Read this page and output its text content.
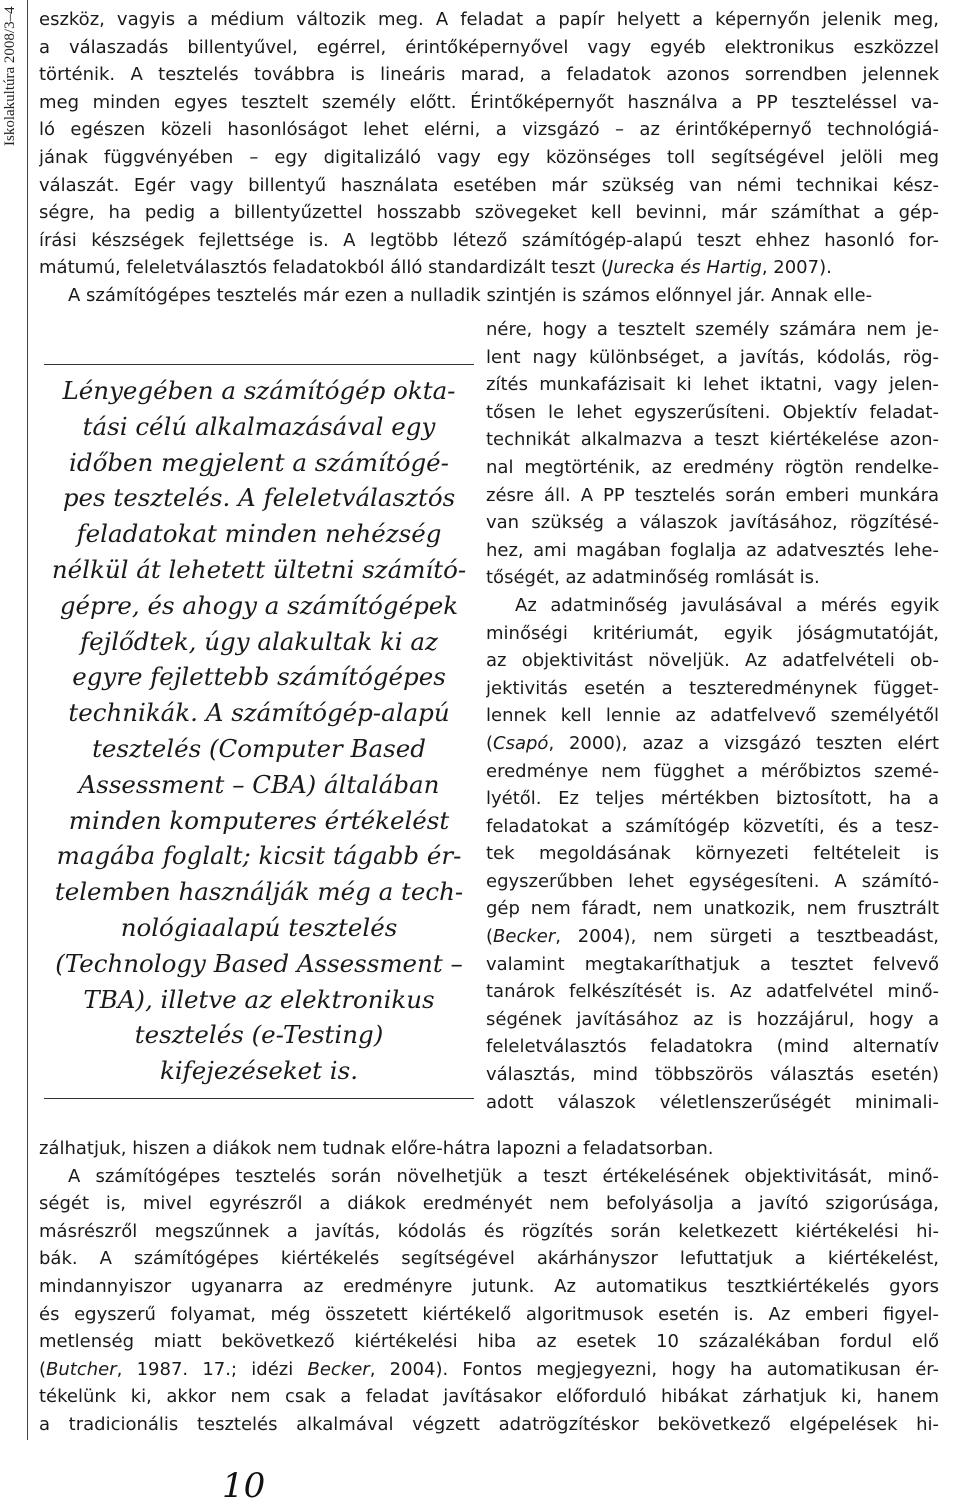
Iskolakultúra 2008/3–4	eszköz, vagyis a médium változik meg. A feladat a papír helyett a képernyőn jelenik meg,
a válaszadás billentyűvel, egérrel, érintőképernyővel vagy egyéb elektronikus eszközzel
történik. A tesztelés továbbra is lineáris marad, a feladatok azonos sorrendben jelennek
meg minden egyes tesztelt személy előtt. Érintőképernyőt használva a PP teszteléssel va-
ló egészen közeli hasonlóságot lehet elérni, a vizsgázó – az érintőképernyő technológiá-
jának függvényében – egy digitalizáló vagy egy közönséges toll segítségével jelöli meg
válaszát. Egér vagy billentyű használata esetében már szükség van némi technikai kész-
ségre, ha pedig a billentyűzettel hosszabb szövegeket kell bevinni, már számíthat a gép-
írási készségek fejlettsége is. A legtöbb létező számítógép-alapú teszt ehhez hasonló for-
mátumú, feleletválasztós feladatokból álló standardizált teszt (Jurecka és Hartig, 2007).
A számítógépes tesztelés már ezen a nulladik szintjén is számos előnnyel jár. Annak elle-
Lényegében a számítógép okta-
tási célú alkalmazásával egy
időben megjelent a számítógé-
pes tesztelés. A feleletválasztós
feladatokat minden nehézség
nélkül át lehetett ültetni számító-
gépre, és ahogy a számítógépek
fejlődtek, úgy alakultak ki az
egyre fejlettebb számítógépes
technikák. A számítógép-alapú
tesztelés (Computer Based
Assessment – CBA) általában
minden komputeres értékelést
magába foglalt; kicsit tágabb ér-
telemben használják még a tech-
nológiaalapú tesztelés
(Technology Based Assessment –
TBA), illetve az elektronikus
tesztelés (e-Testing)
kifejezéseket is.
nére, hogy a tesztelt személy számára nem je-
lent nagy különbséget, a javítás, kódolás, rög-
zítés munkafázisait ki lehet iktatni, vagy jelen-
tősen le lehet egyszerűsíteni. Objektív feladat-
technikát alkalmazva a teszt kiértékelése azon-
nal megtörténik, az eredmény rögtön rendelke-
zésre áll. A PP tesztelés során emberi munkára
van szükség a válaszok javításához, rögzítésé-
hez, ami magában foglalja az adatvesztés lehe-
tőségét, az adatminőség romlását is.
Az adatminőség javulásával a mérés egyik
minőségi kritériumát, egyik jóságmutatóját,
az objektivitást növeljük. Az adatfelvételi ob-
jektivitás esetén a teszteredménynek függet-
lennek kell lennie az adatfelvevő személyétől
(Csapó, 2000), azaz a vizsgázó teszten elért
eredménye nem függhet a mérőbiztos szemé-
lyétől. Ez teljes mértékben biztosított, ha a
feladatokat a számítógép közvetíti, és a tesz-
tek megoldásának környezeti feltételeit is
egyszerűbben lehet egységesíteni. A számító-
gép nem fáradt, nem unatkozik, nem frusztrált
(Becker, 2004), nem sürgeti a tesztbeadást,
valamint megtakaríthatjuk a tesztet felvevő
tanárok felkészítését is. Az adatfelvétel minő-
ségének javításához az is hozzájárul, hogy a
feleletválasztós feladatokra (mind alternatív
választás, mind többszörös választás esetén)
adott válaszok véletlenszerűségét minimali-
zálhatjuk, hiszen a diákok nem tudnak előre-hátra lapozni a feladatsorban.
A számítógépes tesztelés során növelhetjük a teszt értékelésének objektivitását, minő-
ségét is, mivel egyrészről a diákok eredményét nem befolyásolja a javító szigorúsága,
másrészről megszűnnek a javítás, kódolás és rögzítés során keletkezett kiértékelési hi-
bák. A számítógépes kiértékelés segítségével akárhányszor lefuttatjuk a kiértékelést,
mindannyiszor ugyanarra az eredményre jutunk. Az automatikus tesztkiértékelés gyors
és egyszerű folyamat, még összetett kiértékelő algoritmusok esetén is. Az emberi figyel-
metlenség miatt bekövetkező kiértékelési hiba az esetek 10 százalékában fordul elő
(Butcher, 1987. 17.; idézi Becker, 2004). Fontos megjegyezni, hogy ha automatikusan ér-
tékelünk ki, akkor nem csak a feladat javításakor előforduló hibákat zárhatjuk ki, hanem
a tradicionális tesztelés alkalmával végzett adatrögzítéskor bekövetkező elgépelések hi-
10
